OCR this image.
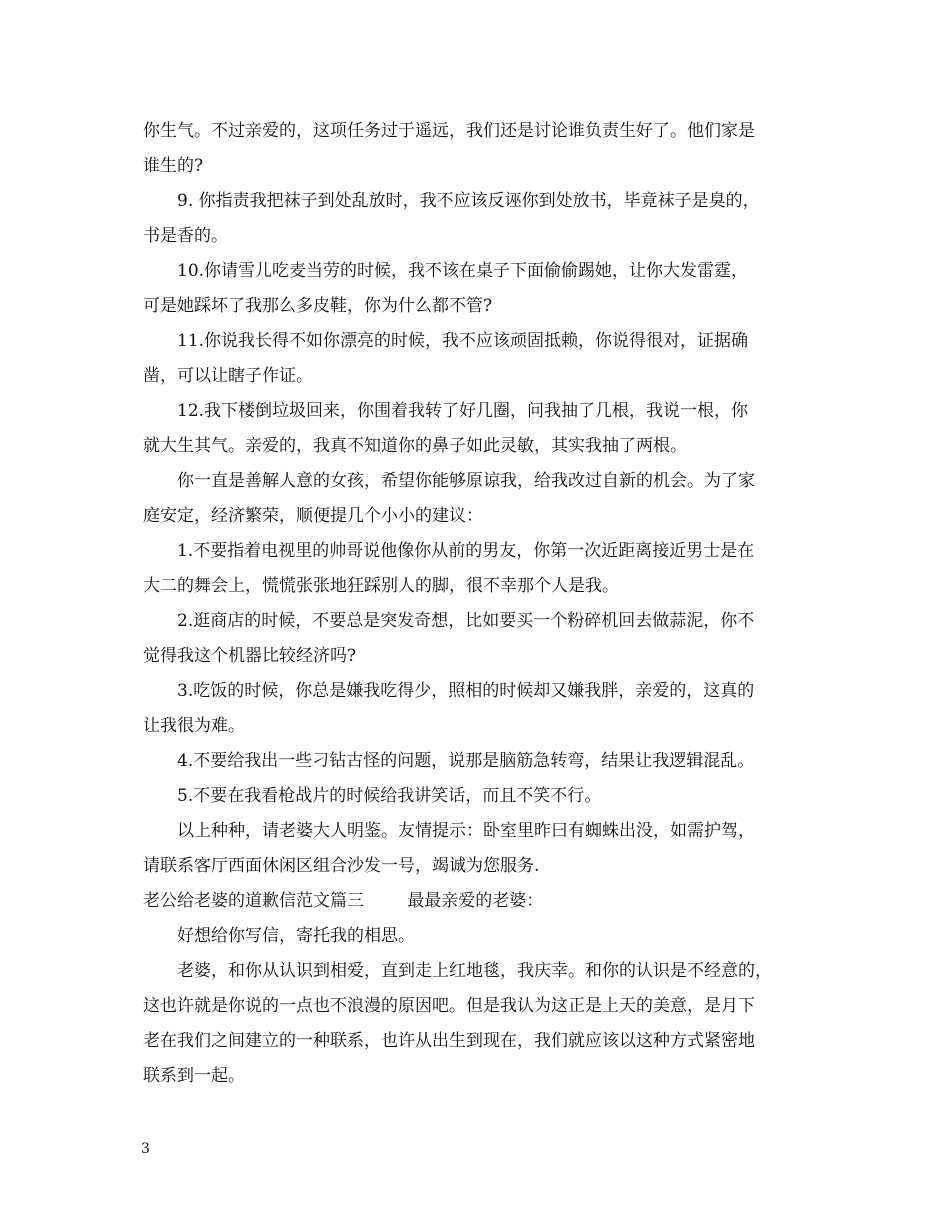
你生气。不过亲爱的，这项任务过于遥远，我们还是讨论谁负责生好了。他们家是
谁生的?
9. 你指责我把袜子到处乱放时，我不应该反诬你到处放书，毕竟袜子是臭的，
书是香的。
10.你请雪儿吃麦当劳的时候，我不该在桌子下面偷偷踢她，让你大发雷霆，
可是她踩坏了我那么多皮鞋，你为什么都不管?
11.你说我长得不如你漂亮的时候，我不应该顽固抵赖，你说得很对，证据确
凿，可以让瞎子作证。
12.我下楼倒垃圾回来，你围着我转了好几圈，问我抽了几根，我说一根，你
就大生其气。亲爱的，我真不知道你的鼻子如此灵敏，其实我抽了两根。
你一直是善解人意的女孩，希望你能够原谅我，给我改过自新的机会。为了家
庭安定，经济繁荣，顺便提几个小小的建议：
1.不要指着电视里的帅哥说他像你从前的男友，你第一次近距离接近男士是在
大二的舞会上，慌慌张张地狂踩别人的脚，很不幸那个人是我。
2.逛商店的时候，不要总是突发奇想，比如要买一个粉碎机回去做蒜泥，你不
觉得我这个机器比较经济吗?
3.吃饭的时候，你总是嫌我吃得少，照相的时候却又嫌我胖，亲爱的，这真的
让我很为难。
4.不要给我出一些刁钻古怪的问题，说那是脑筋急转弯，结果让我逻辑混乱。
5.不要在我看枪战片的时候给我讲笑话，而且不笑不行。
以上种种，请老婆大人明鉴。友情提示：卧室里昨曰有蜘蛛出没，如需护驾，
请联系客厅西面休闲区组合沙发一号，竭诚为您服务.
老公给老婆的道歉信范文篇三        最最亲爱的老婆：
好想给你写信，寄托我的相思。
老婆，和你从认识到相爱，直到走上红地毯，我庆幸。和你的认识是不经意的，
这也许就是你说的一点也不浪漫的原因吧。但是我认为这正是上天的美意，是月下
老在我们之间建立的一种联系，也许从出生到现在，我们就应该以这种方式紧密地
联系到一起。
3
